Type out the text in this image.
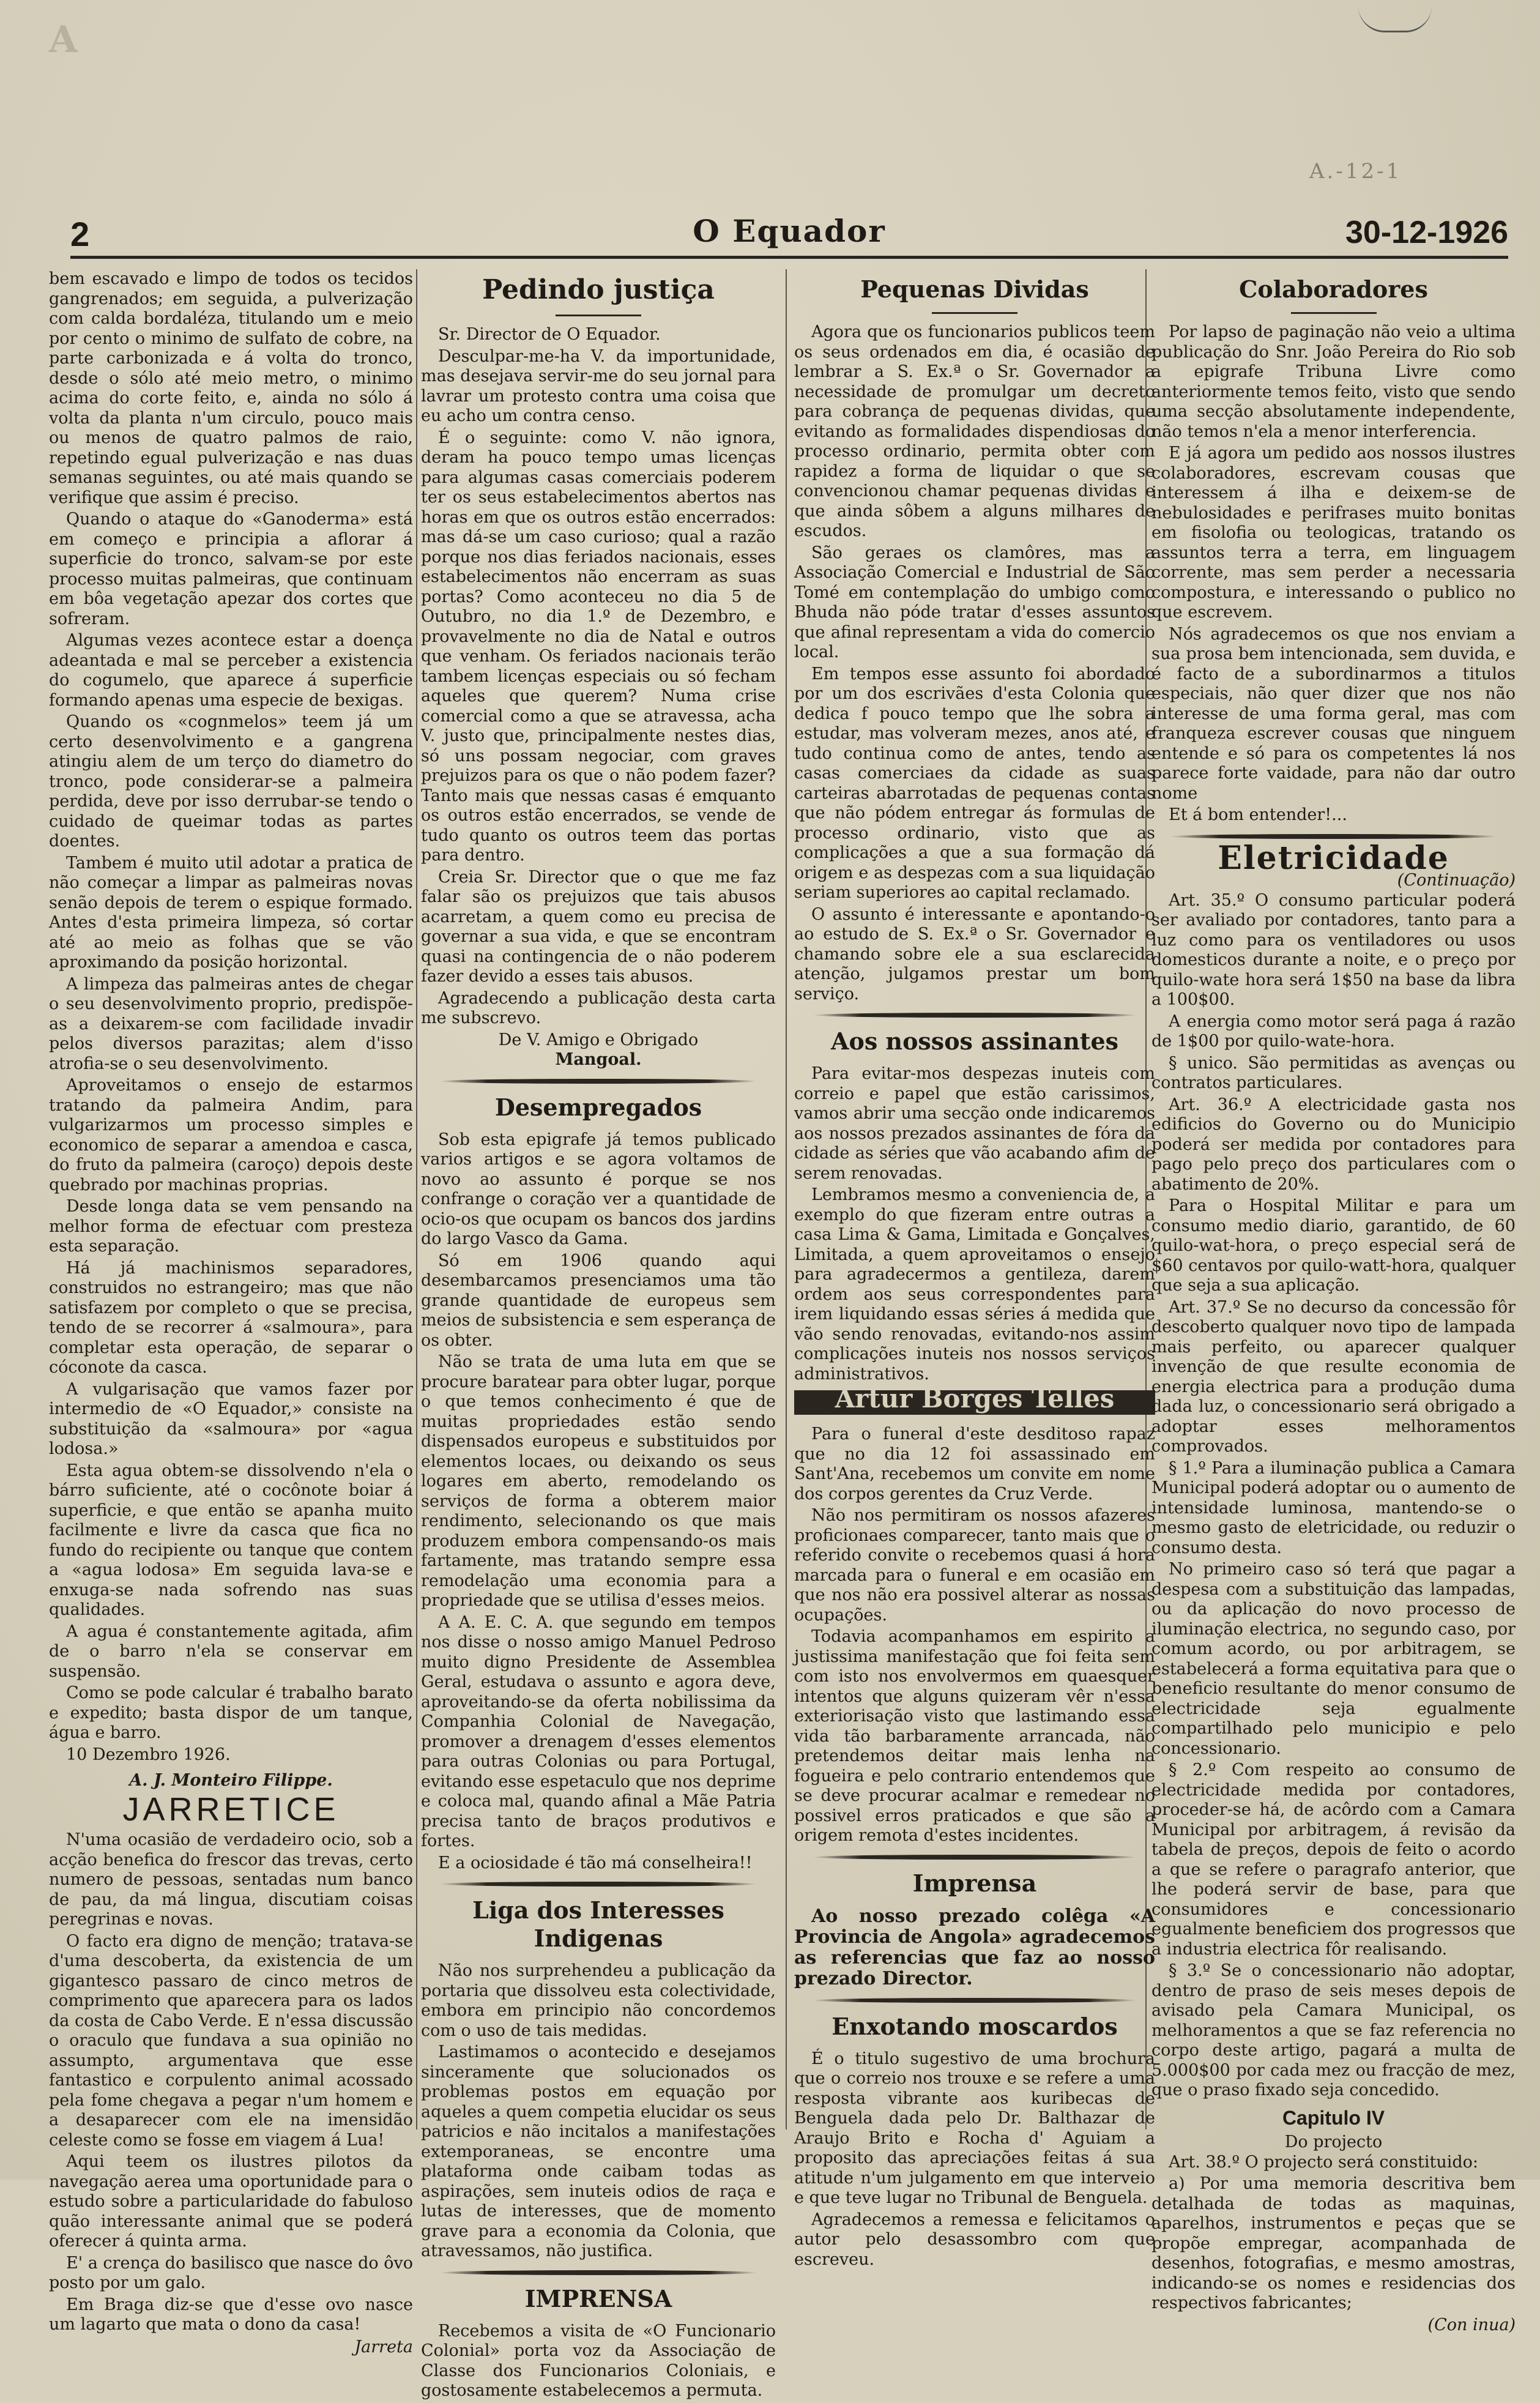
A
A.-12-1
2	O Equador	30-12-1926

bem escavado e limpo de todos os tecidos gangrenados; em seguida, a pulverização com calda bordaléza, titulando um e meio por cento o minimo de sulfato de cobre, na parte carbonizada e á volta do tronco, desde o sólo até meio metro, o minimo acima do corte feito, e, ainda no sólo á volta da planta n'um circulo, pouco mais ou menos de quatro palmos de raio, repetindo egual pulverização e nas duas semanas seguintes, ou até mais quando se verifique que assim é preciso.

Quando o ataque do «Ganoderma» está em começo e principia a aflorar á superficie do tronco, salvam-se por este processo muitas palmeiras, que continuam em bôa vegetação apezar dos cortes que sofreram.

Algumas vezes acontece estar a doença adeantada e mal se perceber a existencia do cogumelo, que aparece á superficie formando apenas uma especie de bexigas.

Quando os «cognmelos» teem já um certo desenvolvimento e a gangrena atingiu alem de um terço do diametro do tronco, pode considerar-se a palmeira perdida, deve por isso derrubar-se tendo o cuidado de queimar todas as partes doentes.

Tambem é muito util adotar a pratica de não começar a limpar as palmeiras novas senão depois de terem o espique formado. Antes d'esta primeira limpeza, só cortar até ao meio as folhas que se vão aproximando da posição horizontal.

A limpeza das palmeiras antes de chegar o seu desenvolvimento proprio, predispõe-as a deixarem-se com facilidade invadir pelos diversos parazitas; alem d'isso atrofia-se o seu desenvolvimento.

Aproveitamos o ensejo de estarmos tratando da palmeira Andim, para vulgarizarmos um processo simples e economico de separar a amendoa e casca, do fruto da palmeira (caroço) depois deste quebrado por machinas proprias.

Desde longa data se vem pensando na melhor forma de efectuar com presteza esta separação.

Há já machinismos separadores, construidos no estrangeiro; mas que não satisfazem por completo o que se precisa, tendo de se recorrer á «salmoura», para completar esta operação, de separar o cóconote da casca.

A vulgarisação que vamos fazer por intermedio de «O Equador,» consiste na substituição da «salmoura» por «agua lodosa.»

Esta agua obtem-se dissolvendo n'ela o bárro suficiente, até o cocônote boiar á superficie, e que então se apanha muito facilmente e livre da casca que fica no fundo do recipiente ou tanque que contem a «agua lodosa» Em seguida lava-se e enxuga-se nada sofrendo nas suas qualidades.

A agua é constantemente agitada, afim de o barro n'ela se conservar em suspensão.

Como se pode calcular é trabalho barato e expedito; basta dispor de um tanque, água e barro.

10 Dezembro 1926.

A. J. Monteiro Filippe.
JARRETICE

N'uma ocasião de verdadeiro ocio, sob a acção benefica do frescor das trevas, certo numero de pessoas, sentadas num banco de pau, da má lingua, discutiam coisas peregrinas e novas.

O facto era digno de menção; tratava-se d'uma descoberta, da existencia de um gigantesco passaro de cinco metros de comprimento que aparecera para os lados da costa de Cabo Verde. E n'essa discussão o oraculo que fundava a sua opinião no assumpto, argumentava que esse fantastico e corpulento animal acossado pela fome chegava a pegar n'um homem e a desaparecer com ele na imensidão celeste como se fosse em viagem á Lua!

Aqui teem os ilustres pilotos da navegação aerea uma oportunidade para o estudo sobre a particularidade do fabuloso quão interessante animal que se poderá oferecer á quinta arma.

E' a crença do basilisco que nasce do ôvo posto por um galo.

Em Braga diz-se que d'esse ovo nasce um lagarto que mata o dono da casa!

Jarreta
Pedindo justiça

Sr. Director de O Equador.

Desculpar-me-ha V. da importunidade, mas desejava servir-me do seu jornal para lavrar um protesto contra uma coisa que eu acho um contra censo.

É o seguinte: como V. não ignora, deram ha pouco tempo umas licenças para algumas casas comerciais poderem ter os seus estabelecimentos abertos nas horas em que os outros estão encerrados: mas dá-se um caso curioso; qual a razão porque nos dias feriados nacionais, esses estabelecimentos não encerram as suas portas? Como aconteceu no dia 5 de Outubro, no dia 1.º de Dezembro, e provavelmente no dia de Natal e outros que venham. Os feriados nacionais terão tambem licenças especiais ou só fecham aqueles que querem? Numa crise comercial como a que se atravessa, acha V. justo que, principalmente nestes dias, só uns possam negociar, com graves prejuizos para os que o não podem fazer? Tanto mais que nessas casas é emquanto os outros estão encerrados, se vende de tudo quanto os outros teem das portas para dentro.

Creia Sr. Director que o que me faz falar são os prejuizos que tais abusos acarretam, a quem como eu precisa de governar a sua vida, e que se encontram quasi na contingencia de o não poderem fazer devido a esses tais abusos.

Agradecendo a publicação desta carta me subscrevo.

De V. Amigo e Obrigado
Mangoal.
Desempregados

Sob esta epigrafe já temos publicado varios artigos e se agora voltamos de novo ao assunto é porque se nos confrange o coração ver a quantidade de ocio-os que ocupam os bancos dos jardins do largo Vasco da Gama.

Só em 1906 quando aqui desembarcamos presenciamos uma tão grande quantidade de europeus sem meios de subsistencia e sem esperança de os obter.

Não se trata de uma luta em que se procure baratear para obter lugar, porque o que temos conhecimento é que de muitas propriedades estão sendo dispensados europeus e substituidos por elementos locaes, ou deixando os seus logares em aberto, remodelando os serviços de forma a obterem maior rendimento, selecionando os que mais produzem embora compensando-os mais fartamente, mas tratando sempre essa remodelação uma economia para a propriedade que se utilisa d'esses meios.

A A. E. C. A. que segundo em tempos nos disse o nosso amigo Manuel Pedroso muito digno Presidente de Assemblea Geral, estudava o assunto e agora deve, aproveitando-se da oferta nobilissima da Companhia Colonial de Navegação, promover a drenagem d'esses elementos para outras Colonias ou para Portugal, evitando esse espetaculo que nos deprime e coloca mal, quando afinal a Mãe Patria precisa tanto de braços produtivos e fortes.

E a ociosidade é tão má conselheira!!

Liga dos Interesses Indigenas

Não nos surprehendeu a publicação da portaria que dissolveu esta colectividade, embora em principio não concordemos com o uso de tais medidas.

Lastimamos o acontecido e desejamos sinceramente que solucionados os problemas postos em equação por aqueles a quem competia elucidar os seus patricios e não incitalos a manifestações extemporaneas, se encontre uma plataforma onde caibam todas as aspirações, sem inuteis odios de raça e lutas de interesses, que de momento grave para a economia da Colonia, que atravessamos, não justifica.

IMPRENSA

Recebemos a visita de «O Funcionario Colonial» porta voz da Associação de Classe dos Funcionarios Coloniais, e gostosamente estabelecemos a permuta.

Pequenas Dividas

Agora que os funcionarios publicos teem os seus ordenados em dia, é ocasião de lembrar a S. Ex.ª o Sr. Governador a necessidade de promulgar um decreto para cobrança de pequenas dividas, que evitando as formalidades dispendiosas do processo ordinario, permita obter com rapidez a forma de liquidar o que se convencionou chamar pequenas dividas e que ainda sôbem a alguns milhares de escudos.

São geraes os clamôres, mas a Associação Comercial e Industrial de São Tomé em contemplação do umbigo como Bhuda não póde tratar d'esses assuntos que afinal representam a vida do comercio local.

Em tempos esse assunto foi abordado por um dos escrivães d'esta Colonia que dedica f pouco tempo que lhe sobra a estudar, mas volveram mezes, anos até, e tudo continua como de antes, tendo as casas comerciaes da cidade as suas carteiras abarrotadas de pequenas contas que não pódem entregar ás formulas de processo ordinario, visto que as complicações a que a sua formação dá origem e as despezas com a sua liquidação seriam superiores ao capital reclamado.

O assunto é interessante e apontando-o ao estudo de S. Ex.ª o Sr. Governador e chamando sobre ele a sua esclarecida atenção, julgamos prestar um bom serviço.

Aos nossos assinantes

Para evitar-mos despezas inuteis com correio e papel que estão carissimos, vamos abrir uma secção onde indicaremos aos nossos prezados assinantes de fóra da cidade as séries que vão acabando afim de serem renovadas.

Lembramos mesmo a conveniencia de, a exemplo do que fizeram entre outras a casa Lima & Gama, Limitada e Gonçalves, Limitada, a quem aproveitamos o ensejo para agradecermos a gentileza, darem ordem aos seus correspondentes para irem liquidando essas séries á medida que vão sendo renovadas, evitando-nos assim complicações inuteis nos nossos serviços administrativos.

Artur Borges Telles

Para o funeral d'este desditoso rapaz que no dia 12 foi assassinado em Sant'Ana, recebemos um convite em nome dos corpos gerentes da Cruz Verde.

Não nos permitiram os nossos afazeres proficionaes comparecer, tanto mais que o referido convite o recebemos quasi á hora marcada para o funeral e em ocasião em que nos não era possivel alterar as nossas ocupações.

Todavia acompanhamos em espirito a justissima manifestação que foi feita sem com isto nos envolvermos em quaesquer intentos que alguns quizeram vêr n'essa exteriorisação visto que lastimando essa vida tão barbaramente arrancada, não pretendemos deitar mais lenha na fogueira e pelo contrario entendemos que se deve procurar acalmar e remedear no possivel erros praticados e que são a origem remota d'estes incidentes.

Imprensa

Ao nosso prezado colêga «A Provincia de Angola» agradecemos as referencias que faz ao nosso prezado Director.

Enxotando moscardos

É o titulo sugestivo de uma brochura que o correio nos trouxe e se refere a uma resposta vibrante aos kuribecas de Benguela dada pelo Dr. Balthazar de Araujo Brito e Rocha d' Aguiam a proposito das apreciações feitas á sua atitude n'um julgamento em que interveio e que teve lugar no Tribunal de Benguela.

Agradecemos a remessa e felicitamos o autor pelo desassombro com que escreveu.

Colaboradores

Por lapso de paginação não veio a ultima publicação do Snr. João Pereira do Rio sob a epigrafe Tribuna Livre como anteriormente temos feito, visto que sendo uma secção absolutamente independente, não temos n'ela a menor interferencia.

E já agora um pedido aos nossos ilustres colaboradores, escrevam cousas que interessem á ilha e deixem-se de nebulosidades e perifrases muito bonitas em fisolofia ou teologicas, tratando os assuntos terra a terra, em linguagem corrente, mas sem perder a necessaria compostura, e interessando o publico no que escrevem.

Nós agradecemos os que nos enviam a sua prosa bem intencionada, sem duvida, e é facto de a subordinarmos a titulos especiais, não quer dizer que nos não interesse de uma forma geral, mas com franqueza escrever cousas que ninguem entende e só para os competentes lá nos parece forte vaidade, para não dar outro nome

Et á bom entender!...

Eletricidade
(Continuação)

Art. 35.º O consumo particular poderá ser avaliado por contadores, tanto para a luz como para os ventiladores ou usos domesticos durante a noite, e o preço por quilo-wate hora será 1$50 na base da libra a 100$00.

A energia como motor será paga á razão de 1$00 por quilo-wate-hora.

§ unico. São permitidas as avenças ou contratos particulares.

Art. 36.º A electricidade gasta nos edificios do Governo ou do Municipio poderá ser medida por contadores para pago pelo preço dos particulares com o abatimento de 20%.

Para o Hospital Militar e para um consumo medio diario, garantido, de 60 quilo-wat-hora, o preço especial será de $60 centavos por quilo-watt-hora, qualquer que seja a sua aplicação.

Art. 37.º Se no decurso da concessão fôr descoberto qualquer novo tipo de lampada mais perfeito, ou aparecer qualquer invenção de que resulte economia de energia electrica para a produção duma dada luz, o concessionario será obrigado a adoptar esses melhoramentos comprovados.

§ 1.º Para a iluminação publica a Camara Municipal poderá adoptar ou o aumento de intensidade luminosa, mantendo-se o mesmo gasto de eletricidade, ou reduzir o consumo desta.

No primeiro caso só terá que pagar a despesa com a substituição das lampadas, ou da aplicação do novo processo de iluminação electrica, no segundo caso, por comum acordo, ou por arbitragem, se estabelecerá a forma equitativa para que o beneficio resultante do menor consumo de electricidade seja egualmente compartilhado pelo municipio e pelo concessionario.

§ 2.º Com respeito ao consumo de electricidade medida por contadores, proceder-se há, de acôrdo com a Camara Municipal por arbitragem, á revisão da tabela de preços, depois de feito o acordo a que se refere o paragrafo anterior, que lhe poderá servir de base, para que consumidores e concessionario egualmente beneficiem dos progressos que a industria electrica fôr realisando.

§ 3.º Se o concessionario não adoptar, dentro de praso de seis meses depois de avisado pela Camara Municipal, os melhoramentos a que se faz referencia no corpo deste artigo, pagará a multa de 5.000$00 por cada mez ou fracção de mez, que o praso fixado seja concedido.

Capitulo IV
Do projecto

Art. 38.º O projecto será constituido:

a) Por uma memoria descritiva bem detalhada de todas as maquinas, aparelhos, instrumentos e peças que se propõe empregar, acompanhada de desenhos, fotografias, e mesmo amostras, indicando-se os nomes e residencias dos respectivos fabricantes;

(Con inua)
